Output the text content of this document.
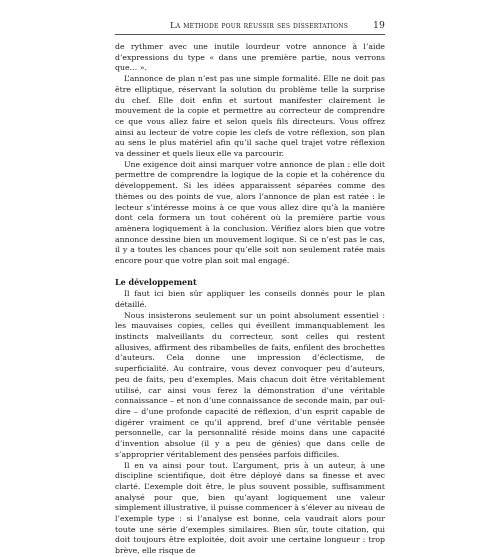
La méthode pour réussir ses dissertations	19

de rythmer avec une inutile lourdeur votre annonce à l’aide d’expressions du type « dans une première partie, nous verrons que… ».

L’annonce de plan n’est pas une simple formalité. Elle ne doit pas être elliptique, réservant la solution du problème telle la surprise du chef. Elle doit enfin et surtout manifester clairement le mouvement de la copie et permettre au correcteur de comprendre ce que vous allez faire et selon quels fils directeurs. Vous offrez ainsi au lecteur de votre copie les clefs de votre réflexion, son plan au sens le plus matériel afin qu’il sache quel trajet votre réflexion va dessiner et quels lieux elle va parcourir.

Une exigence doit ainsi marquer votre annonce de plan : elle doit permettre de comprendre la logique de la copie et la cohérence du développement. Si les idées apparaissent séparées comme des thèmes ou des points de vue, alors l’annonce de plan est ratée : le lecteur s’intéresse moins à ce que vous allez dire qu’à la manière dont cela formera un tout cohérent où la première partie vous amènera logiquement à la conclusion. Vérifiez alors bien que votre annonce dessine bien un mouvement logique. Si ce n’est pas le cas, il y a toutes les chances pour qu’elle soit non seulement ratée mais encore pour que votre plan soit mal engagé.

Le développement

Il faut ici bien sûr appliquer les conseils donnés pour le plan détaillé.

Nous insisterons seulement sur un point absolument essentiel : les mauvaises copies, celles qui éveillent immanquablement les instincts malveillants du correcteur, sont celles qui restent allusives, affirment des ribambelles de faits, enfilent des brochettes d’auteurs. Cela donne une impression d’éclectisme, de superficialité. Au contraire, vous devez convoquer peu d’auteurs, peu de faits, peu d’exemples. Mais chacun doit être véritablement utilisé, car ainsi vous ferez la démonstration d’une véritable connaissance – et non d’une connaissance de seconde main, par ouï-dire – d’une profonde capacité de réflexion, d’un esprit capable de digérer vraiment ce qu’il apprend, bref d’une véritable pensée personnelle, car la personnalité réside moins dans une capacité d’invention absolue (il y a peu de génies) que dans celle de s’approprier véritablement des pensées parfois difficiles.

Il en va ainsi pour tout. L’argument, pris à un auteur, à une discipline scientifique, doit être déployé dans sa finesse et avec clarté. L’exemple doit être, le plus souvent possible, suffisamment analysé pour que, bien qu’ayant logiquement une valeur simplement illustrative, il puisse commencer à s’élever au niveau de l’exemple type : si l’analyse est bonne, cela vaudrait alors pour toute une série d’exemples similaires. Bien sûr, toute citation, qui doit toujours être exploitée, doit avoir une certaine longueur : trop brève, elle risque de
